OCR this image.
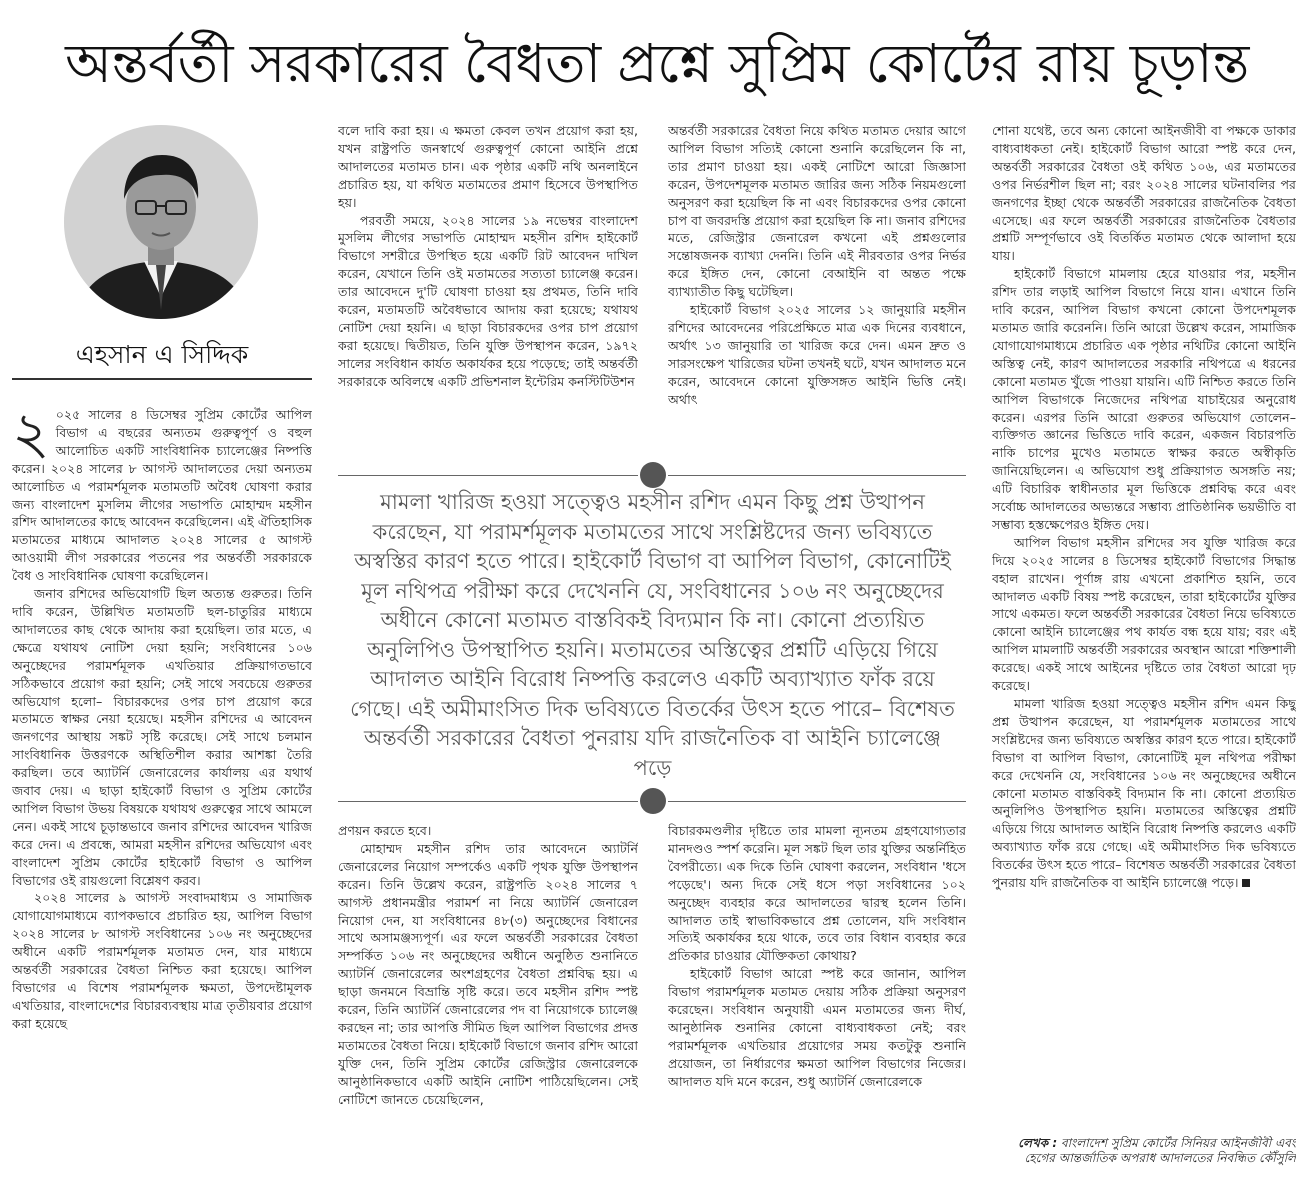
অন্তর্বর্তী সরকারের বৈধতা প্রশ্নে সুপ্রিম কোর্টের রায় চূড়ান্ত
এহসান এ সিদ্দিক

২ ০২৫ সালের ৪ ডিসেম্বর সুপ্রিম কোর্টের আপিল বিভাগ এ বছরের অন্যতম গুরুত্বপূর্ণ ও বহুল আলোচিত একটি সাংবিধানিক চ্যালেঞ্জের নিষ্পত্তি করেন। ২০২৪ সালের ৮ আগস্ট আদালতের দেয়া অন্যতম আলোচিত এ পরামর্শমূলক মতামতটি অবৈধ ঘোষণা করার জন্য বাংলাদেশ মুসলিম লীগের সভাপতি মোহাম্মদ মহসীন রশিদ আদালতের কাছে আবেদন করেছিলেন। এই ঐতিহাসিক মতামতের মাধ্যমে আদালত ২০২৪ সালের ৫ আগস্ট আওয়ামী লীগ সরকারের পতনের পর অন্তর্বর্তী সরকারকে বৈধ ও সাংবিধানিক ঘোষণা করেছিলেন।

জনাব রশিদের অভিযোগটি ছিল অত্যন্ত গুরুতর। তিনি দাবি করেন, উল্লিখিত মতামতটি ছল-চাতুরির মাধ্যমে আদালতের কাছ থেকে আদায় করা হয়েছিল। তার মতে, এ ক্ষেত্রে যথাযথ নোটিশ দেয়া হয়নি; সংবিধানের ১০৬ অনুচ্ছেদের পরামর্শমূলক এখতিয়ার প্রক্রিয়াগতভাবে সঠিকভাবে প্রয়োগ করা হয়নি; সেই সাথে সবচেয়ে গুরুতর অভিযোগ হলো– বিচারকদের ওপর চাপ প্রয়োগ করে মতামতে স্বাক্ষর নেয়া হয়েছে। মহসীন রশিদের এ আবেদন জনগণের আস্থায় সঙ্কট সৃষ্টি করেছে। সেই সাথে চলমান সাংবিধানিক উত্তরণকে অস্থিতিশীল করার আশঙ্কা তৈরি করছিল। তবে অ্যাটর্নি জেনারেলের কার্যালয় এর যথার্থ জবাব দেয়। এ ছাড়া হাইকোর্ট বিভাগ ও সুপ্রিম কোর্টের আপিল বিভাগ উভয় বিষয়কে যথাযথ গুরুত্বের সাথে আমলে নেন। একই সাথে চূড়ান্তভাবে জনাব রশিদের আবেদন খারিজ করে দেন। এ প্রবন্ধে, আমরা মহসীন রশিদের অভিযোগ এবং বাংলাদেশ সুপ্রিম কোর্টের হাইকোর্ট বিভাগ ও আপিল বিভাগের ওই রায়গুলো বিশ্লেষণ করব।

২০২৪ সালের ৯ আগস্ট সংবাদমাধ্যম ও সামাজিক যোগাযোগমাধ্যমে ব্যাপকভাবে প্রচারিত হয়, আপিল বিভাগ ২০২৪ সালের ৮ আগস্ট সংবিধানের ১০৬ নং অনুচ্ছেদের অধীনে একটি পরামর্শমূলক মতামত দেন, যার মাধ্যমে অন্তর্বর্তী সরকারের বৈধতা নিশ্চিত করা হয়েছে। আপিল বিভাগের এ বিশেষ পরামর্শমূলক ক্ষমতা, উপদেষ্টামূলক এখতিয়ার, বাংলাদেশের বিচারব্যবস্থায় মাত্র তৃতীয়বার প্রয়োগ করা হয়েছে

বলে দাবি করা হয়। এ ক্ষমতা কেবল তখন প্রয়োগ করা হয়, যখন রাষ্ট্রপতি জনস্বার্থে গুরুত্বপূর্ণ কোনো আইনি প্রশ্নে আদালতের মতামত চান। এক পৃষ্ঠার একটি নথি অনলাইনে প্রচারিত হয়, যা কথিত মতামতের প্রমাণ হিসেবে উপস্থাপিত হয়।

পরবর্তী সময়ে, ২০২৪ সালের ১৯ নভেম্বর বাংলাদেশ মুসলিম লীগের সভাপতি মোহাম্মদ মহসীন রশিদ হাইকোর্ট বিভাগে সশরীরে উপস্থিত হয়ে একটি রিট আবেদন দাখিল করেন, যেখানে তিনি ওই মতামতের সত্যতা চ্যালেঞ্জ করেন। তার আবেদনে দু'টি ঘোষণা চাওয়া হয় প্রথমত, তিনি দাবি করেন, মতামতটি অবৈধভাবে আদায় করা হয়েছে; যথাযথ নোটিশ দেয়া হয়নি। এ ছাড়া বিচারকদের ওপর চাপ প্রয়োগ করা হয়েছে। দ্বিতীয়ত, তিনি যুক্তি উপস্থাপন করেন, ১৯৭২ সালের সংবিধান কার্যত অকার্যকর হয়ে পড়েছে; তাই অন্তর্বর্তী সরকারকে অবিলম্বে একটি প্রভিশনাল ইন্টেরিম কনস্টিটিউশন

অন্তর্বর্তী সরকারের বৈধতা নিয়ে কথিত মতামত দেয়ার আগে আপিল বিভাগ সত্যিই কোনো শুনানি করেছিলেন কি না, তার প্রমাণ চাওয়া হয়। একই নোটিশে আরো জিজ্ঞাসা করেন, উপদেশমূলক মতামত জারির জন্য সঠিক নিয়মগুলো অনুসরণ করা হয়েছিল কি না এবং বিচারকদের ওপর কোনো চাপ বা জবরদস্তি প্রয়োগ করা হয়েছিল কি না। জনাব রশিদের মতে, রেজিস্ট্রার জেনারেল কখনো এই প্রশ্নগুলোর সন্তোষজনক ব্যাখ্যা দেননি। তিনি এই নীরবতার ওপর নির্ভর করে ইঙ্গিত দেন, কোনো বেআইনি বা অন্তত পক্ষে ব্যাখ্যাতীত কিছু ঘটেছিল।

হাইকোর্ট বিভাগ ২০২৫ সালের ১২ জানুয়ারি মহসীন রশিদের আবেদনের পরিপ্রেক্ষিতে মাত্র এক দিনের ব্যবধানে, অর্থাৎ ১৩ জানুয়ারি তা খারিজ করে দেন। এমন দ্রুত ও সারসংক্ষেপ খারিজের ঘটনা তখনই ঘটে, যখন আদালত মনে করেন, আবেদনে কোনো যুক্তিসঙ্গত আইনি ভিত্তি নেই। অর্থাৎ

মামলা খারিজ হওয়া সত্ত্বেও মহসীন রশিদ এমন কিছু প্রশ্ন উত্থাপন করেছেন, যা পরামর্শমূলক মতামতের সাথে সংশ্লিষ্টদের জন্য ভবিষ্যতে অস্বস্তির কারণ হতে পারে। হাইকোর্ট বিভাগ বা আপিল বিভাগ, কোনোটিই মূল নথিপত্র পরীক্ষা করে দেখেননি যে, সংবিধানের ১০৬ নং অনুচ্ছেদের অধীনে কোনো মতামত বাস্তবিকই বিদ্যমান কি না। কোনো প্রত্যয়িত অনুলিপিও উপস্থাপিত হয়নি। মতামতের অস্তিত্বের প্রশ্নটি এড়িয়ে গিয়ে আদালত আইনি বিরোধ নিষ্পত্তি করলেও একটি অব্যাখ্যাত ফাঁক রয়ে গেছে। এই অমীমাংসিত দিক ভবিষ্যতে বিতর্কের উৎস হতে পারে– বিশেষত অন্তর্বর্তী সরকারের বৈধতা পুনরায় যদি রাজনৈতিক বা আইনি চ্যালেঞ্জে পড়ে

প্রণয়ন করতে হবে।

মোহাম্মদ মহসীন রশিদ তার আবেদনে অ্যাটর্নি জেনারেলের নিয়োগ সম্পর্কেও একটি পৃথক যুক্তি উপস্থাপন করেন। তিনি উল্লেখ করেন, রাষ্ট্রপতি ২০২৪ সালের ৭ আগস্ট প্রধানমন্ত্রীর পরামর্শ না নিয়ে অ্যাটর্নি জেনারেল নিয়োগ দেন, যা সংবিধানের ৪৮(৩) অনুচ্ছেদের বিধানের সাথে অসামঞ্জস্যপূর্ণ। এর ফলে অন্তর্বর্তী সরকারের বৈধতা সম্পর্কিত ১০৬ নং অনুচ্ছেদের অধীনে অনুষ্ঠিত শুনানিতে অ্যাটর্নি জেনারেলের অংশগ্রহণের বৈধতা প্রশ্নবিদ্ধ হয়। এ ছাড়া জনমনে বিভ্রান্তি সৃষ্টি করে। তবে মহসীন রশিদ স্পষ্ট করেন, তিনি অ্যাটর্নি জেনারেলের পদ বা নিয়োগকে চ্যালেঞ্জ করছেন না; তার আপত্তি সীমিত ছিল আপিল বিভাগের প্রদত্ত মতামতের বৈধতা নিয়ে। হাইকোর্ট বিভাগে জনাব রশিদ আরো যুক্তি দেন, তিনি সুপ্রিম কোর্টের রেজিস্ট্রার জেনারেলকে আনুষ্ঠানিকভাবে একটি আইনি নোটিশ পাঠিয়েছিলেন। সেই নোটিশে জানতে চেয়েছিলেন,

বিচারকমণ্ডলীর দৃষ্টিতে তার মামলা ন্যূনতম গ্রহণযোগ্যতার মানদণ্ডও স্পর্শ করেনি। মূল সঙ্কট ছিল তার যুক্তির অন্তর্নিহিত বৈপরীত্যে। এক দিকে তিনি ঘোষণা করলেন, সংবিধান 'ধসে পড়েছে'। অন্য দিকে সেই ধসে পড়া সংবিধানের ১০২ অনুচ্ছেদ ব্যবহার করে আদালতের দ্বারস্থ হলেন তিনি। আদালত তাই স্বাভাবিকভাবে প্রশ্ন তোলেন, যদি সংবিধান সত্যিই অকার্যকর হয়ে থাকে, তবে তার বিধান ব্যবহার করে প্রতিকার চাওয়ার যৌক্তিকতা কোথায়?

হাইকোর্ট বিভাগ আরো স্পষ্ট করে জানান, আপিল বিভাগ পরামর্শমূলক মতামত দেয়ায় সঠিক প্রক্রিয়া অনুসরণ করেছেন। সংবিধান অনুযায়ী এমন মতামতের জন্য দীর্ঘ, আনুষ্ঠানিক শুনানির কোনো বাধ্যবাধকতা নেই; বরং পরামর্শমূলক এখতিয়ার প্রয়োগের সময় কতটুকু শুনানি প্রয়োজন, তা নির্ধারণের ক্ষমতা আপিল বিভাগের নিজের। আদালত যদি মনে করেন, শুধু অ্যাটর্নি জেনারেলকে

শোনা যথেষ্ট, তবে অন্য কোনো আইনজীবী বা পক্ষকে ডাকার বাধ্যবাধকতা নেই। হাইকোর্ট বিভাগ আরো স্পষ্ট করে দেন, অন্তর্বর্তী সরকারের বৈধতা ওই কথিত ১০৬, এর মতামতের ওপর নির্ভরশীল ছিল না; বরং ২০২৪ সালের ঘটনাবলির পর জনগণের ইচ্ছা থেকে অন্তর্বর্তী সরকারের রাজনৈতিক বৈধতা এসেছে। এর ফলে অন্তর্বর্তী সরকারের রাজনৈতিক বৈধতার প্রশ্নটি সম্পূর্ণভাবে ওই বিতর্কিত মতামত থেকে আলাদা হয়ে যায়।

হাইকোর্ট বিভাগে মামলায় হেরে যাওয়ার পর, মহসীন রশিদ তার লড়াই আপিল বিভাগে নিয়ে যান। এখানে তিনি দাবি করেন, আপিল বিভাগ কখনো কোনো উপদেশমূলক মতামত জারি করেননি। তিনি আরো উল্লেখ করেন, সামাজিক যোগাযোগমাধ্যমে প্রচারিত এক পৃষ্ঠার নথিটির কোনো আইনি অস্তিত্ব নেই, কারণ আদালতের সরকারি নথিপত্রে এ ধরনের কোনো মতামত খুঁজে পাওয়া যায়নি। এটি নিশ্চিত করতে তিনি আপিল বিভাগকে নিজেদের নথিপত্র যাচাইয়ের অনুরোধ করেন। এরপর তিনি আরো গুরুতর অভিযোগ তোলেন– ব্যক্তিগত জ্ঞানের ভিত্তিতে দাবি করেন, একজন বিচারপতি নাকি চাপের মুখেও মতামতে স্বাক্ষর করতে অস্বীকৃতি জানিয়েছিলেন। এ অভিযোগ শুধু প্রক্রিয়াগত অসঙ্গতি নয়; এটি বিচারিক স্বাধীনতার মূল ভিত্তিকে প্রশ্নবিদ্ধ করে এবং সর্বোচ্চ আদালতের অভ্যন্তরে সম্ভাব্য প্রাতিষ্ঠানিক ভয়ভীতি বা সম্ভাব্য হস্তক্ষেপেরও ইঙ্গিত দেয়।

আপিল বিভাগ মহসীন রশিদের সব যুক্তি খারিজ করে দিয়ে ২০২৫ সালের ৪ ডিসেম্বর হাইকোর্ট বিভাগের সিদ্ধান্ত বহাল রাখেন। পূর্ণাঙ্গ রায় এখনো প্রকাশিত হয়নি, তবে আদালত একটি বিষয় স্পষ্ট করেছেন, তারা হাইকোর্টের যুক্তির সাথে একমত। ফলে অন্তর্বর্তী সরকারের বৈধতা নিয়ে ভবিষ্যতে কোনো আইনি চ্যালেঞ্জের পথ কার্যত বন্ধ হয়ে যায়; বরং এই আপিল মামলাটি অন্তর্বর্তী সরকারের অবস্থান আরো শক্তিশালী করেছে। একই সাথে আইনের দৃষ্টিতে তার বৈধতা আরো দৃঢ় করেছে।

মামলা খারিজ হওয়া সত্ত্বেও মহসীন রশিদ এমন কিছু প্রশ্ন উত্থাপন করেছেন, যা পরামর্শমূলক মতামতের সাথে সংশ্লিষ্টদের জন্য ভবিষ্যতে অস্বস্তির কারণ হতে পারে। হাইকোর্ট বিভাগ বা আপিল বিভাগ, কোনোটিই মূল নথিপত্র পরীক্ষা করে দেখেননি যে, সংবিধানের ১০৬ নং অনুচ্ছেদের অধীনে কোনো মতামত বাস্তবিকই বিদ্যমান কি না। কোনো প্রত্যয়িত অনুলিপিও উপস্থাপিত হয়নি। মতামতের অস্তিত্বের প্রশ্নটি এড়িয়ে গিয়ে আদালত আইনি বিরোধ নিষ্পত্তি করলেও একটি অব্যাখ্যাত ফাঁক রয়ে গেছে। এই অমীমাংসিত দিক ভবিষ্যতে বিতর্কের উৎস হতে পারে– বিশেষত অন্তর্বর্তী সরকারের বৈধতা পুনরায় যদি রাজনৈতিক বা আইনি চ্যালেঞ্জে পড়ে।

লেখক : বাংলাদেশ সুপ্রিম কোর্টের সিনিয়র আইনজীবী এবং হেগের আন্তর্জাতিক অপরাধ আদালতের নিবন্ধিত কৌঁসুলি
